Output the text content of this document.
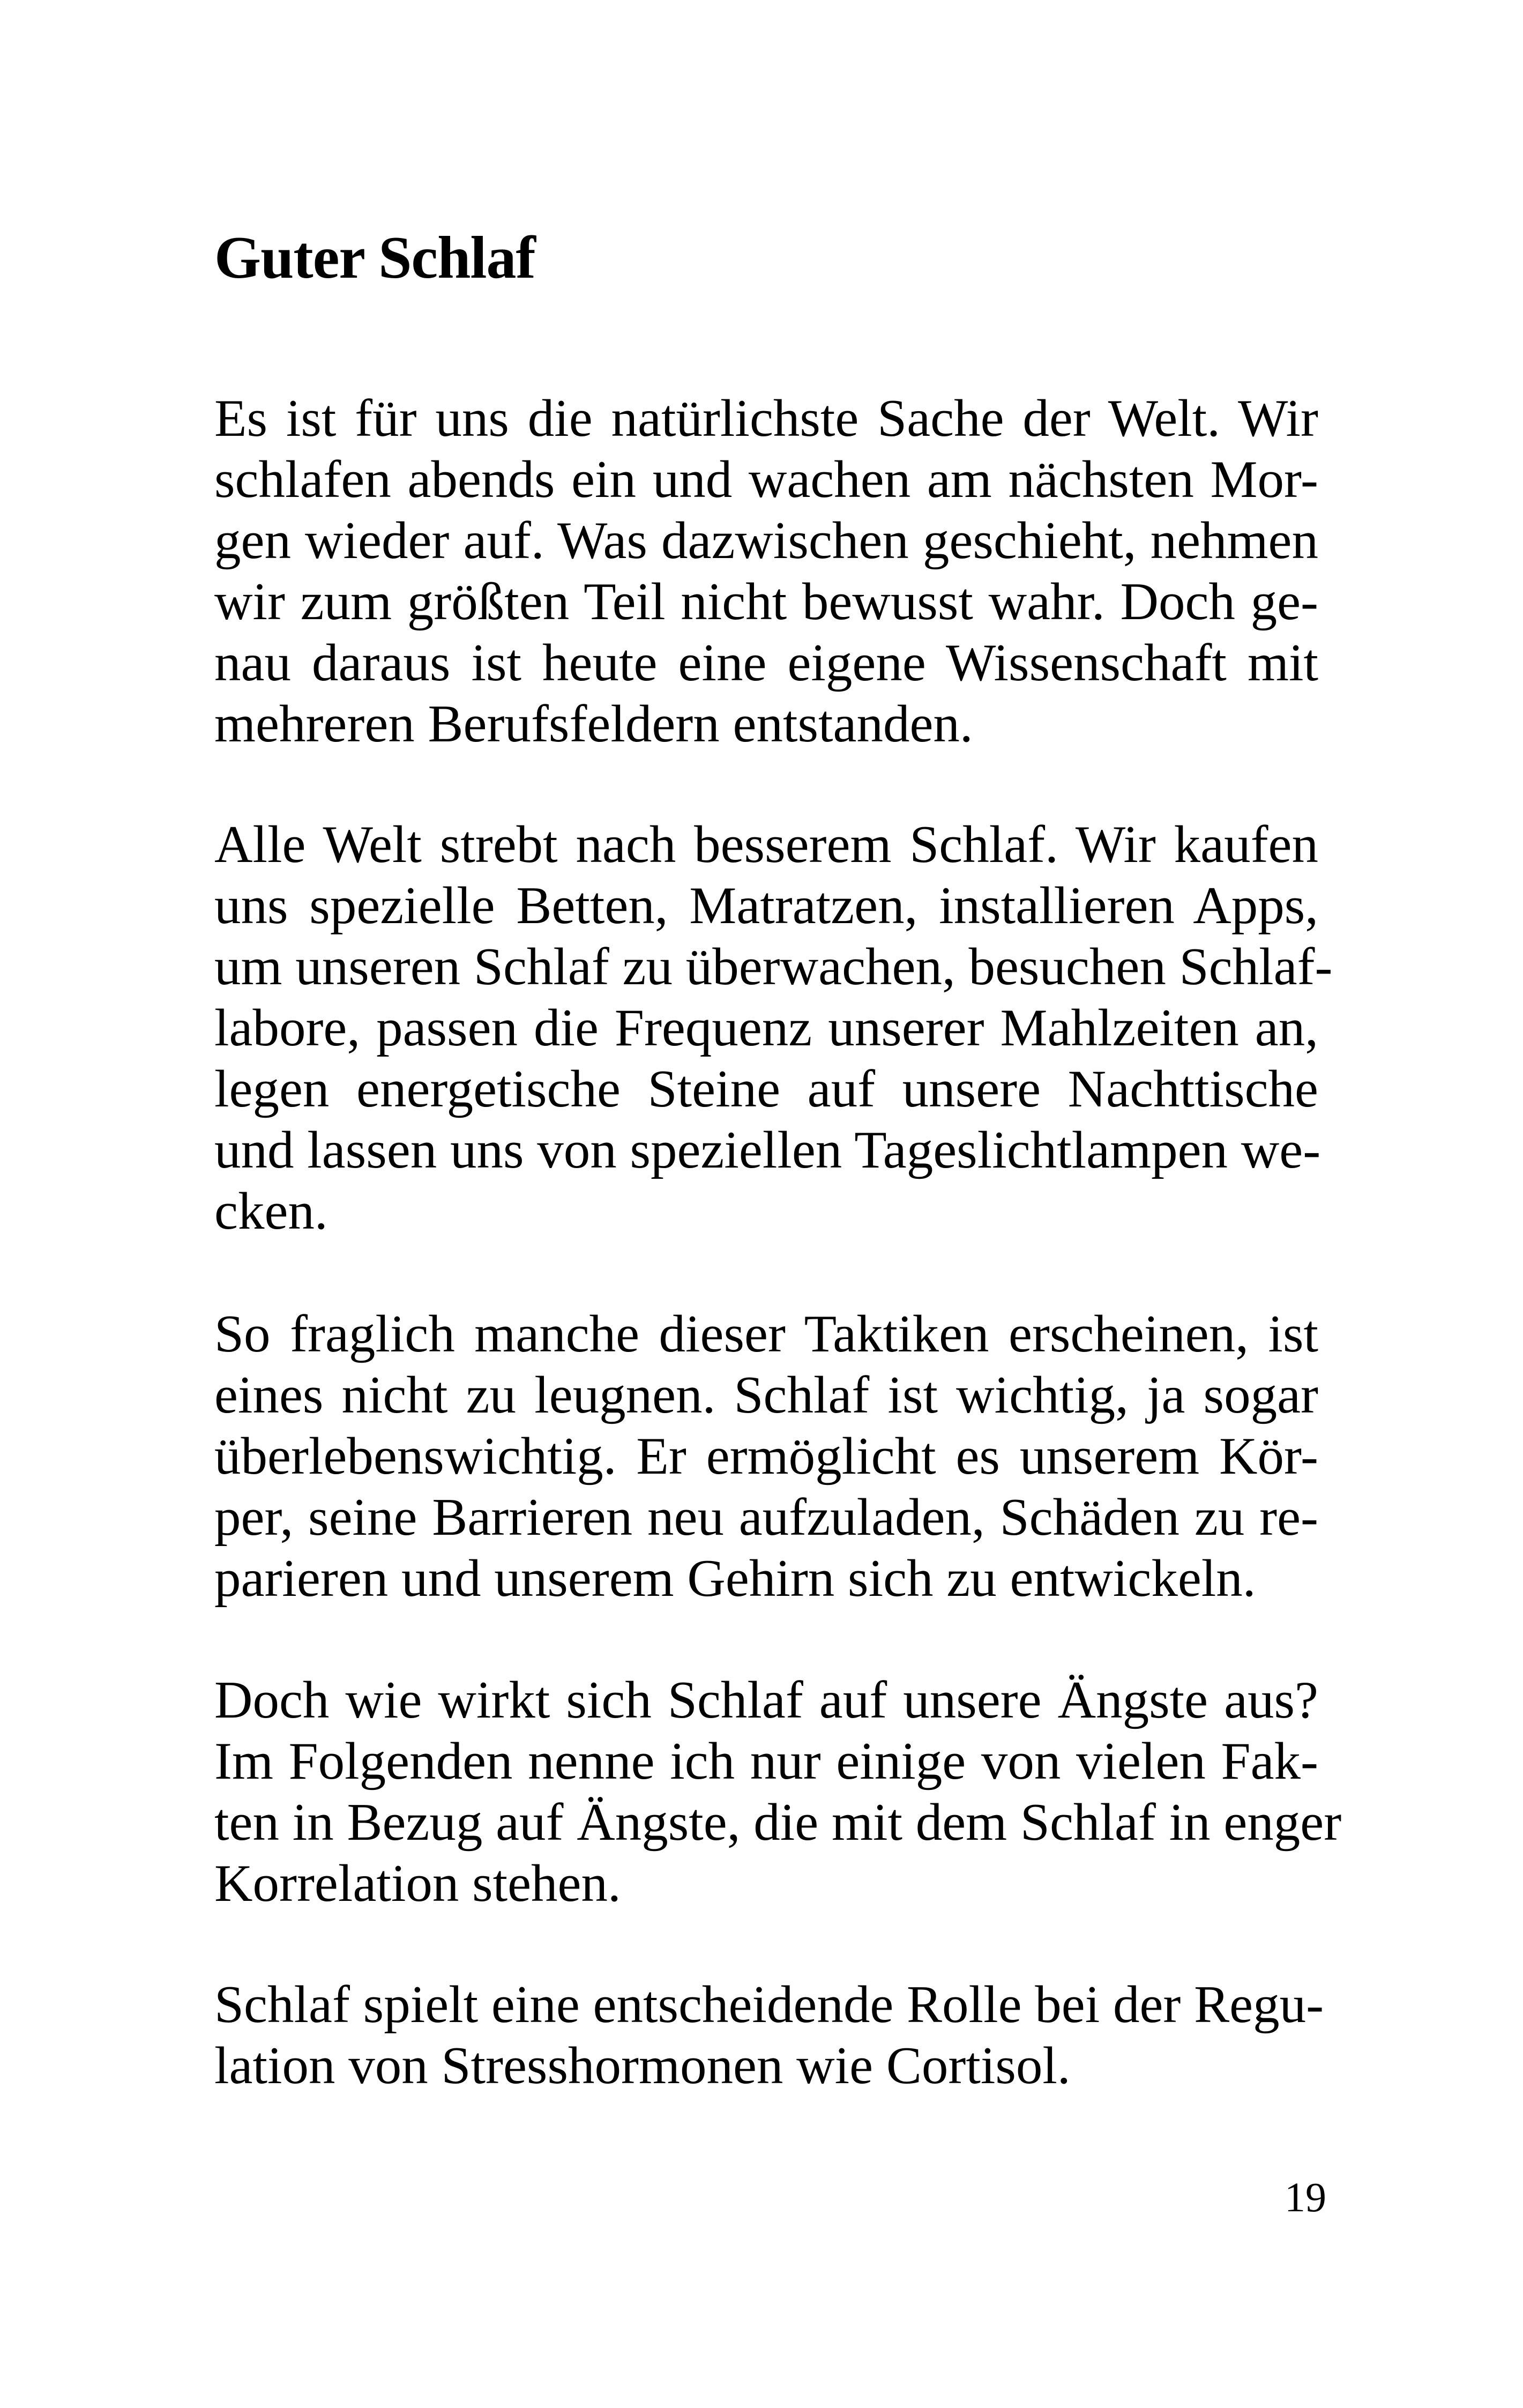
Guter Schlaf

Es ist für uns die natürlichste Sache der Welt. Wir
schlafen abends ein und wachen am nächsten Mor-
gen wieder auf. Was dazwischen geschieht, nehmen
wir zum größten Teil nicht bewusst wahr. Doch ge-
nau daraus ist heute eine eigene Wissenschaft mit
mehreren Berufsfeldern entstanden.

Alle Welt strebt nach besserem Schlaf. Wir kaufen
uns spezielle Betten, Matratzen, installieren Apps,
um unseren Schlaf zu überwachen, besuchen Schlaf-
labore, passen die Frequenz unserer Mahlzeiten an,
legen energetische Steine auf unsere Nachttische
und lassen uns von speziellen Tageslichtlampen we-
cken.

So fraglich manche dieser Taktiken erscheinen, ist
eines nicht zu leugnen. Schlaf ist wichtig, ja sogar
überlebenswichtig. Er ermöglicht es unserem Kör-
per, seine Barrieren neu aufzuladen, Schäden zu re-
parieren und unserem Gehirn sich zu entwickeln.

Doch wie wirkt sich Schlaf auf unsere Ängste aus?
Im Folgenden nenne ich nur einige von vielen Fak-
ten in Bezug auf Ängste, die mit dem Schlaf in enger
Korrelation stehen.

Schlaf spielt eine entscheidende Rolle bei der Regu-
lation von Stresshormonen wie Cortisol.

19
